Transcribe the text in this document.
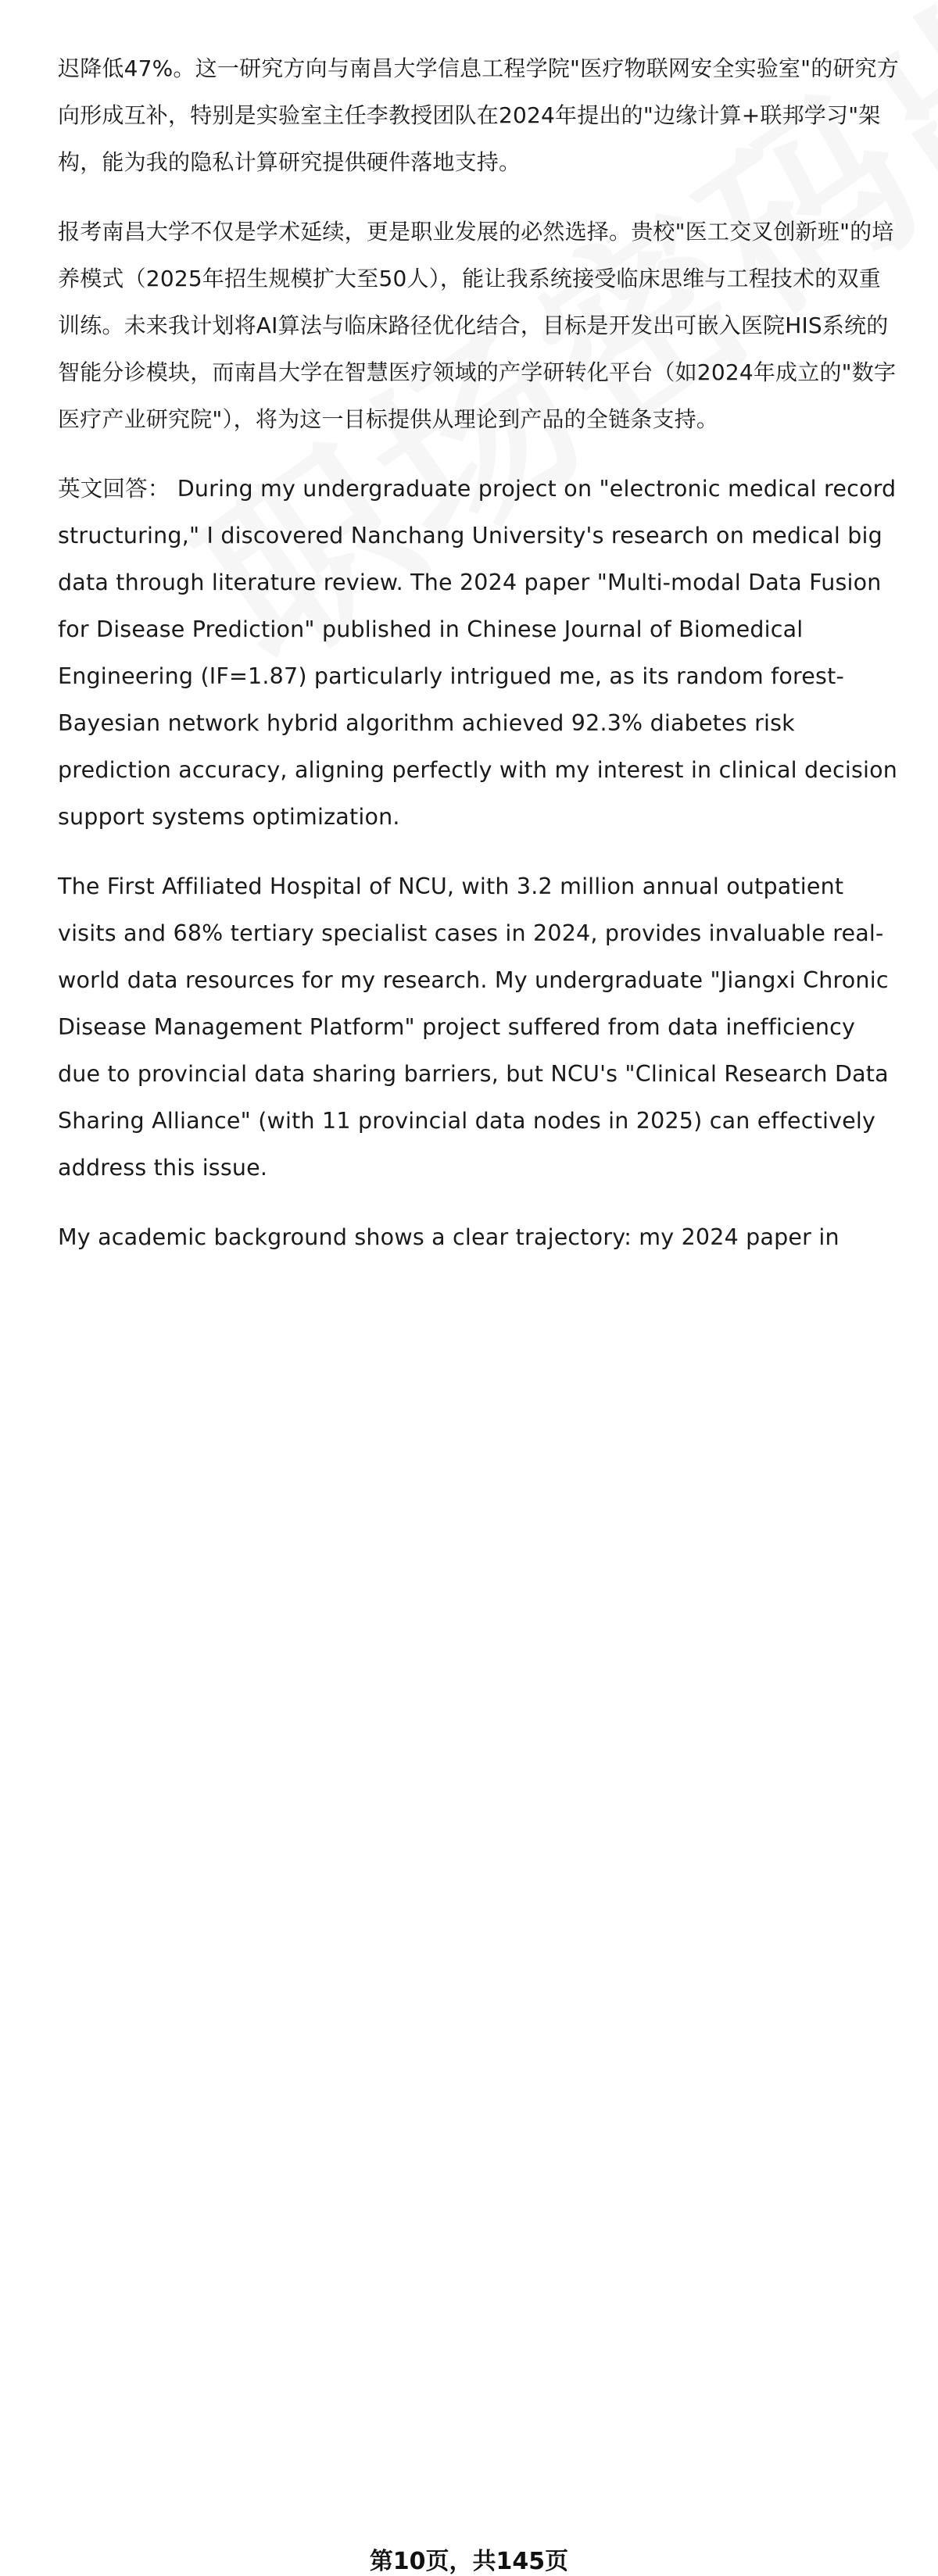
迟降低47%。这一研究方向与南昌大学信息工程学院"医疗物联网安全实验室"的研究方向形成互补，特别是实验室主任李教授团队在2024年提出的"边缘计算+联邦学习"架构，能为我的隐私计算研究提供硬件落地支持。

报考南昌大学不仅是学术延续，更是职业发展的必然选择。贵校"医工交叉创新班"的培养模式（2025年招生规模扩大至50人），能让我系统接受临床思维与工程技术的双重训练。未来我计划将AI算法与临床路径优化结合，目标是开发出可嵌入医院HIS系统的智能分诊模块，而南昌大学在智慧医疗领域的产学研转化平台（如2024年成立的"数字医疗产业研究院"），将为这一目标提供从理论到产品的全链条支持。

英文回答： During my undergraduate project on "electronic medical record structuring," I discovered Nanchang University's research on medical big data through literature review. The 2024 paper "Multi-modal Data Fusion for Disease Prediction" published in Chinese Journal of Biomedical Engineering (IF=1.87) particularly intrigued me, as its random forest-Bayesian network hybrid algorithm achieved 92.3% diabetes risk prediction accuracy, aligning perfectly with my interest in clinical decision support systems optimization.

The First Affiliated Hospital of NCU, with 3.2 million annual outpatient visits and 68% tertiary specialist cases in 2024, provides invaluable real-world data resources for my research. My undergraduate "Jiangxi Chronic Disease Management Platform" project suffered from data inefficiency due to provincial data sharing barriers, but NCU's "Clinical Research Data Sharing Alliance" (with 11 provincial data nodes in 2025) can effectively address this issue.

My academic background shows a clear trajectory: my 2024 paper in

第10页，共145页
